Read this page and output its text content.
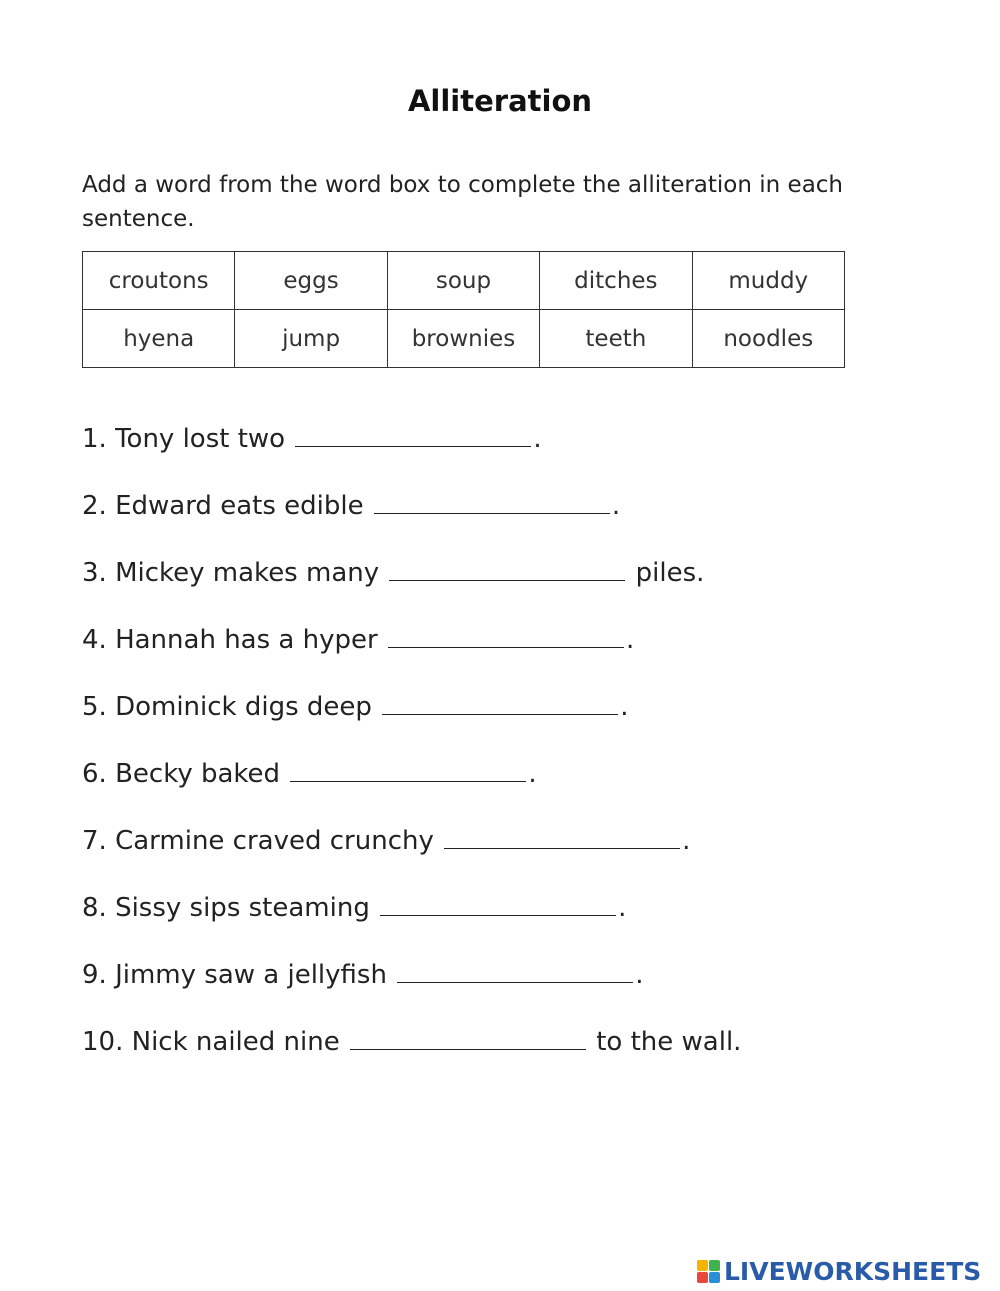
Alliteration
Add a word from the word box to complete the alliteration in each sentence.
croutons	eggs	soup	ditches	muddy
hyena	jump	brownies	teeth	noodles
1. Tony lost two	.
2. Edward eats edible	.
3. Mickey makes many	piles.
4. Hannah has a hyper	.
5. Dominick digs deep	.
6. Becky baked	.
7. Carmine craved crunchy	.
8. Sissy sips steaming	.
9. Jimmy saw a jellyfish	.
10. Nick nailed nine	to the wall.
LIVEWORKSHEETS
